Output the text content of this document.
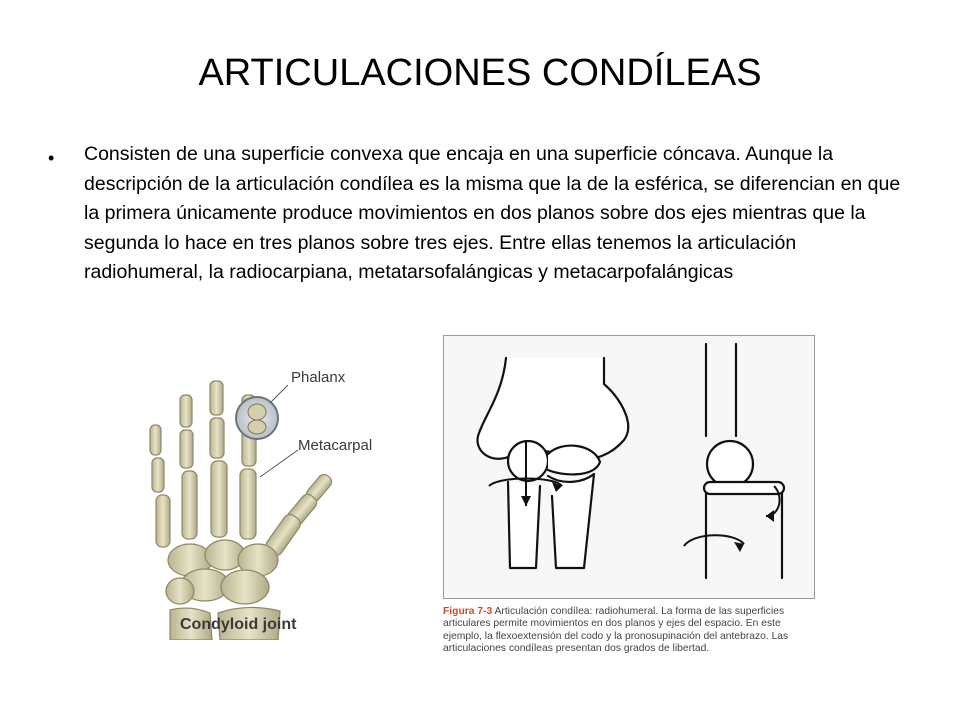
ARTICULACIONES CONDÍLEAS
• Consisten de una superficie convexa que encaja en una superficie cóncava. Aunque la descripción de la articulación condílea es la misma que la de la esférica, se diferencian en que la primera únicamente produce movimientos en dos planos sobre dos ejes mientras que la segunda lo hace en tres planos sobre tres ejes. Entre ellas tenemos la articulación radiohumeral, la radiocarpiana, metatarsofalángicas y metacarpofalángicas
Phalanx
Metacarpal
Condyloid joint
Figura 7-3 Articulación condílea: radiohumeral. La forma de las superficies articulares permite movimientos en dos planos y ejes del espacio. En este ejemplo, la flexoextensión del codo y la pronosupinación del antebrazo. Las articulaciones condíleas presentan dos grados de libertad.
